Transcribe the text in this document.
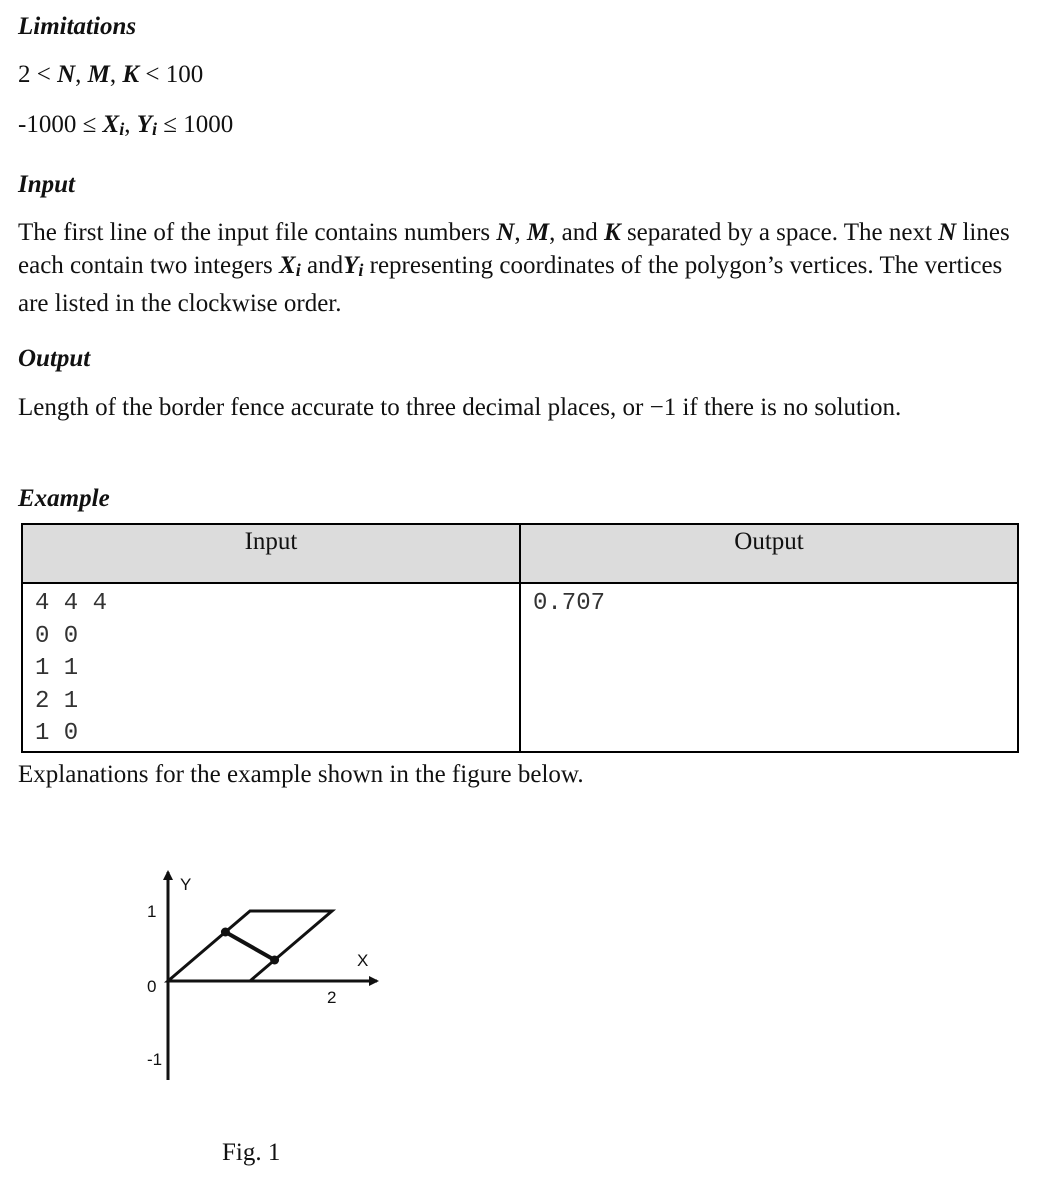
Limitations
2 < N, M, K < 100
-1000 ≤ Xi, Yi ≤ 1000
Input
The first line of the input file contains numbers N, M, and K separated by a space. The next N lines each contain two integers Xi andYi representing coordinates of the polygon’s vertices. The vertices are listed in the clockwise order.
Output
Length of the border fence accurate to three decimal places, or −1 if there is no solution.
Example
Input	Output

4 4 4
0 0
1 1
2 1
1 0	0.707
Explanations for the example shown in the figure below.
Y
X
1
0
-1
2
Fig. 1
